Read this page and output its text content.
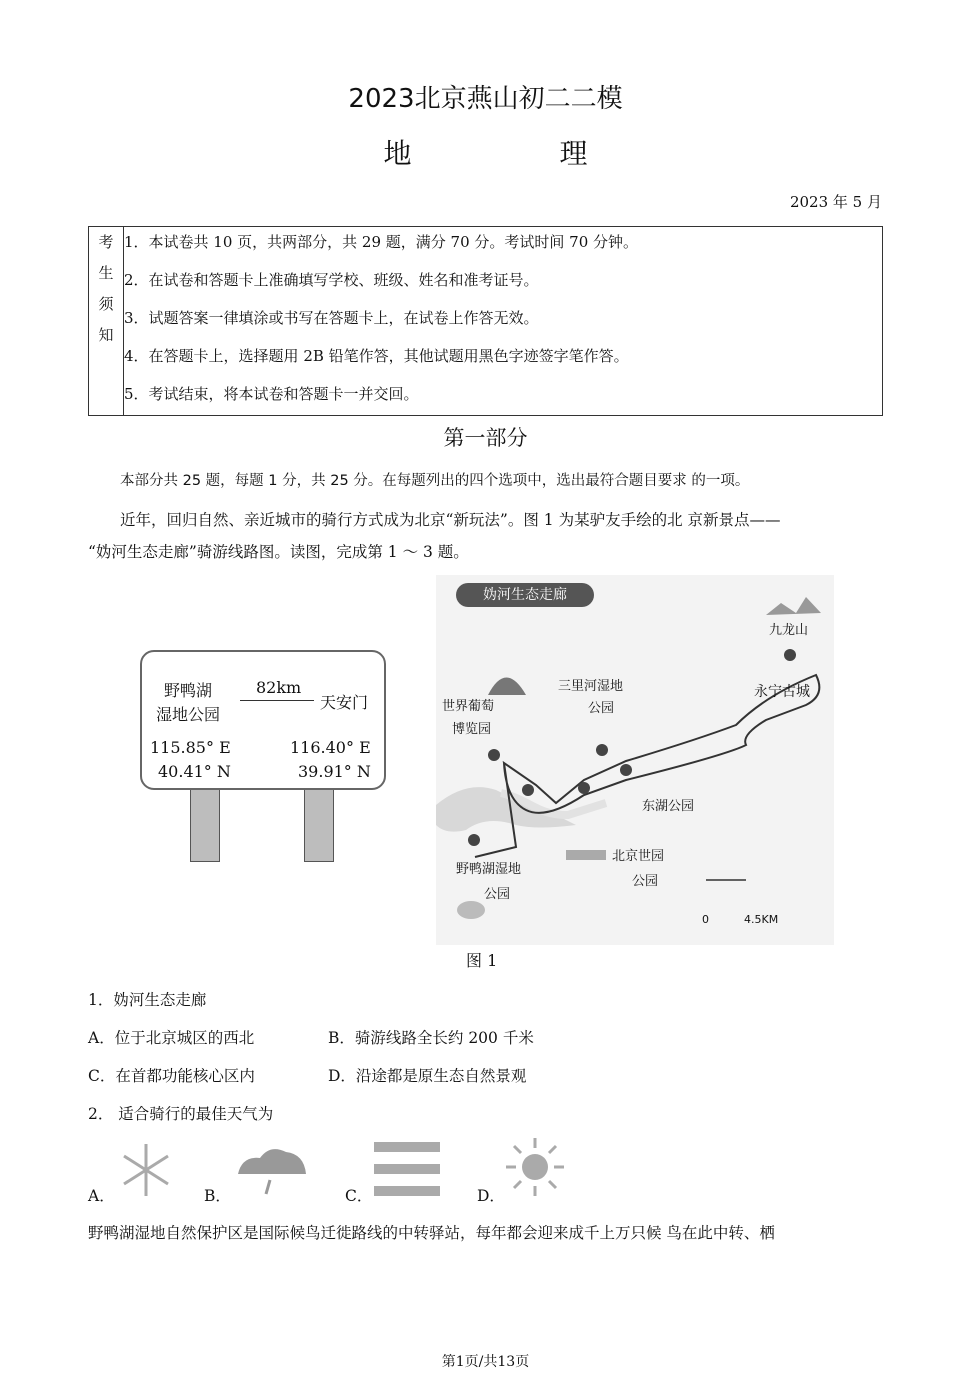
2023北京燕山初二二模
地　理
2023 年 5 月
考
生
须
知
1．本试卷共 10 页，共两部分，共 29 题，满分 70 分。考试时间 70 分钟。
2．在试卷和答题卡上准确填写学校、班级、姓名和准考证号。
3．试题答案一律填涂或书写在答题卡上，在试卷上作答无效。
4．在答题卡上，选择题用 2B 铅笔作答，其他试题用黑色字迹签字笔作答。
5．考试结束，将本试卷和答题卡一并交回。
第一部分
本部分共 25 题，每题 1 分，共 25 分。在每题列出的四个选项中，选出最符合题目要求 的一项。
近年，回归自然、亲近城市的骑行方式成为北京“新玩法”。图 1 为某驴友手绘的北 京新景点——
“妫河生态走廊”骑游线路图。读图，完成第 1 ～ 3 题。
野鸭湖
湿地公园
82km
天安门
115.85° E
40.41° N
116.40° E
39.91° N
妫河生态走廊
九龙山
永宁古城
三里河湿地
公园
世界葡萄
博览园
东湖公园
北京世园
公园
野鸭湖湿地
公园
0	4.5KM
图 1
1．妫河生态走廊
A．位于北京城区的西北	B．骑游线路全长约 200 千米
C．在首都功能核心区内	D．沿途都是原生态自然景观
2． 适合骑行的最佳天气为
A．	B．	C．	D．
野鸭湖湿地自然保护区是国际候鸟迁徙路线的中转驿站，每年都会迎来成千上万只候 鸟在此中转、栖
第1页/共13页
